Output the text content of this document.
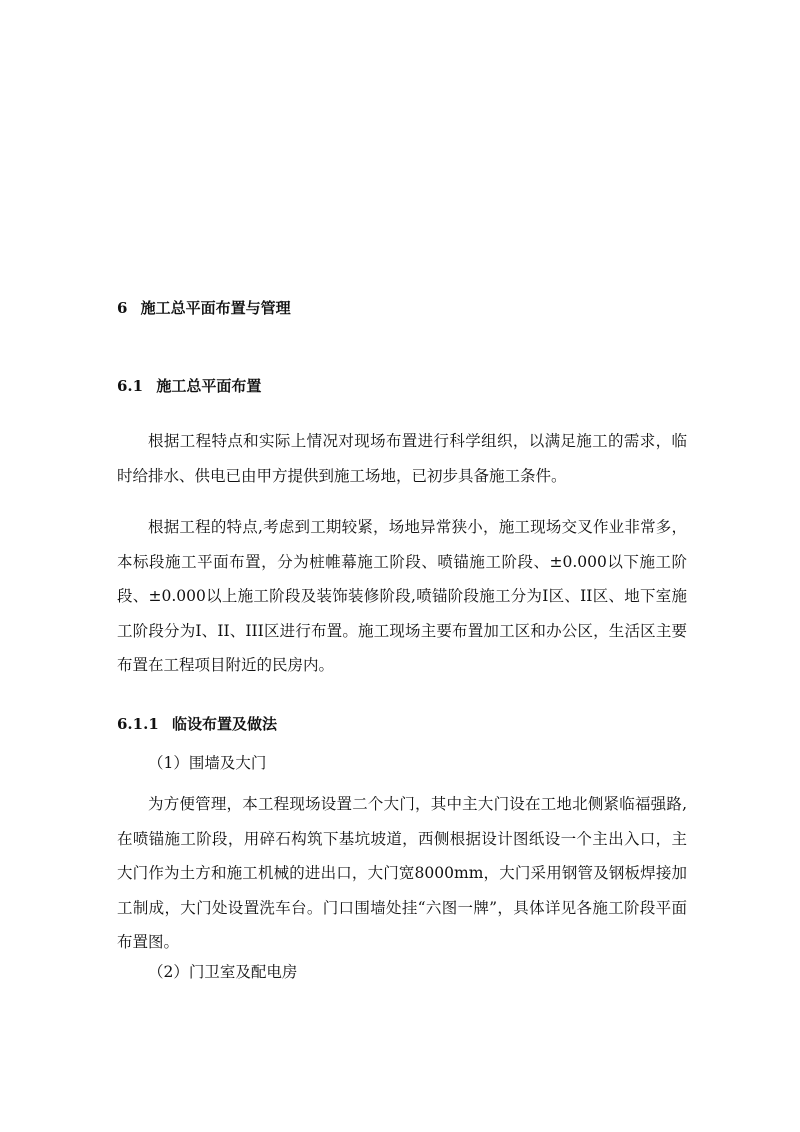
6 施工总平面布置与管理
6.1 施工总平面布置

根据工程特点和实际上情况对现场布置进行科学组织，以满足施工的需求，临时给排水、供电已由甲方提供到施工场地，已初步具备施工条件。

根据工程的特点,考虑到工期较紧，场地异常狭小，施工现场交叉作业非常多，本标段施工平面布置，分为桩帷幕施工阶段、喷锚施工阶段、±0.000以下施工阶段、±0.000以上施工阶段及装饰装修阶段,喷锚阶段施工分为I区、II区、地下室施工阶段分为I、II、III区进行布置。施工现场主要布置加工区和办公区，生活区主要布置在工程项目附近的民房内。

6.1.1 临设布置及做法
（1）围墙及大门

为方便管理，本工程现场设置二个大门，其中主大门设在工地北侧紧临福强路,在喷锚施工阶段，用碎石构筑下基坑坡道，西侧根据设计图纸设一个主出入口，主大门作为土方和施工机械的进出口，大门宽8000mm，大门采用钢管及钢板焊接加工制成，大门处设置洗车台。门口围墙处挂“六图一牌”，具体详见各施工阶段平面布置图。

（2）门卫室及配电房
